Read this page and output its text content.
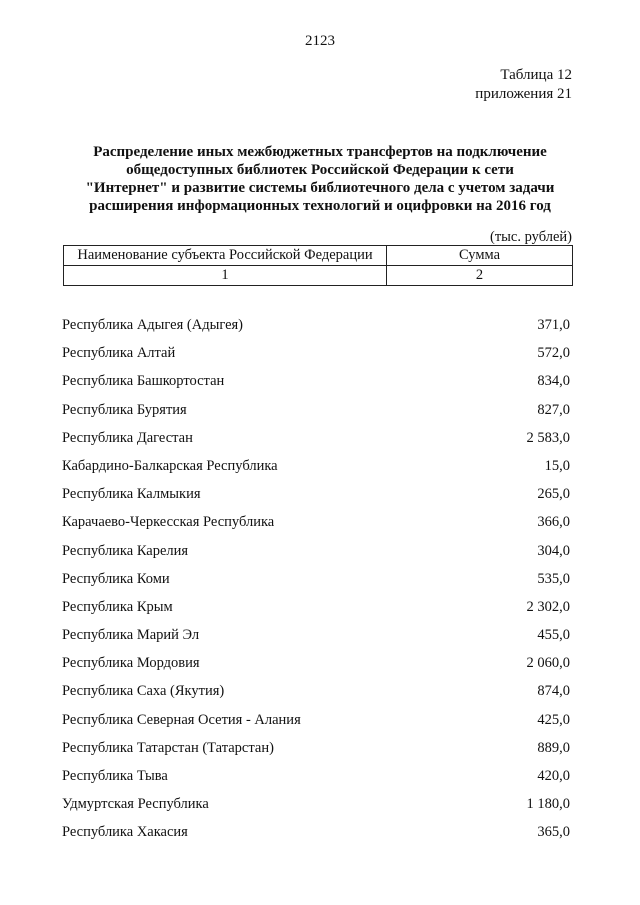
2123
Таблица 12
приложения 21
Распределение иных межбюджетных трансфертов на подключение
общедоступных библиотек Российской Федерации к сети
"Интернет" и развитие системы библиотечного дела с учетом задачи
расширения информационных технологий и оцифровки на 2016 год
(тыс. рублей)
Наименование субъекта Российской Федерации	Сумма
1	2
Республика Адыгея (Адыгея)	371,0
Республика Алтай	572,0
Республика Башкортостан	834,0
Республика Бурятия	827,0
Республика Дагестан	2 583,0
Кабардино-Балкарская Республика	15,0
Республика Калмыкия	265,0
Карачаево-Черкесская Республика	366,0
Республика Карелия	304,0
Республика Коми	535,0
Республика Крым	2 302,0
Республика Марий Эл	455,0
Республика Мордовия	2 060,0
Республика Саха (Якутия)	874,0
Республика Северная Осетия - Алания	425,0
Республика Татарстан (Татарстан)	889,0
Республика Тыва	420,0
Удмуртская Республика	1 180,0
Республика Хакасия	365,0
